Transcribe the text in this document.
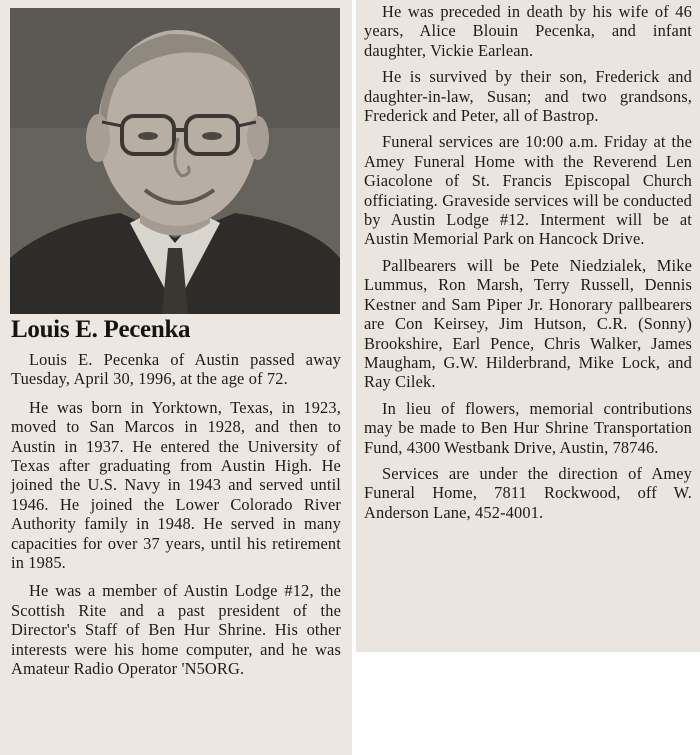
Louis E. Pecenka

Louis E. Pecenka of Austin passed away Tuesday, April 30, 1996, at the age of 72.

He was born in Yorktown, Texas, in 1923, moved to San Marcos in 1928, and then to Austin in 1937. He entered the University of Texas after graduating from Austin High. He joined the U.S. Navy in 1943 and served until 1946. He joined the Lower Colorado River Authority family in 1948. He served in many capacities for over 37 years, until his retirement in 1985.

He was a member of Austin Lodge #12, the Scottish Rite and a past president of the Director's Staff of Ben Hur Shrine. His other interests were his home computer, and he was Amateur Radio Operator 'N5ORG.

He was preceded in death by his wife of 46 years, Alice Blouin Pecenka, and infant daughter, Vickie Earlean.

He is survived by their son, Frederick and daughter-in-law, Susan; and two grandsons, Frederick and Peter, all of Bastrop.

Funeral services are 10:00 a.m. Friday at the Amey Funeral Home with the Reverend Len Giacolone of St. Francis Episcopal Church officiating. Graveside services will be conducted by Austin Lodge #12. Interment will be at Austin Memorial Park on Hancock Drive.

Pallbearers will be Pete Niedzialek, Mike Lummus, Ron Marsh, Terry Russell, Dennis Kestner and Sam Piper Jr. Honorary pallbearers are Con Keirsey, Jim Hutson, C.R. (Sonny) Brookshire, Earl Pence, Chris Walker, James Maugham, G.W. Hilderbrand, Mike Lock, and Ray Cilek.

In lieu of flowers, memorial contributions may be made to Ben Hur Shrine Transportation Fund, 4300 Westbank Drive, Austin, 78746.

Services are under the direction of Amey Funeral Home, 7811 Rockwood, off W. Anderson Lane, 452-4001.
